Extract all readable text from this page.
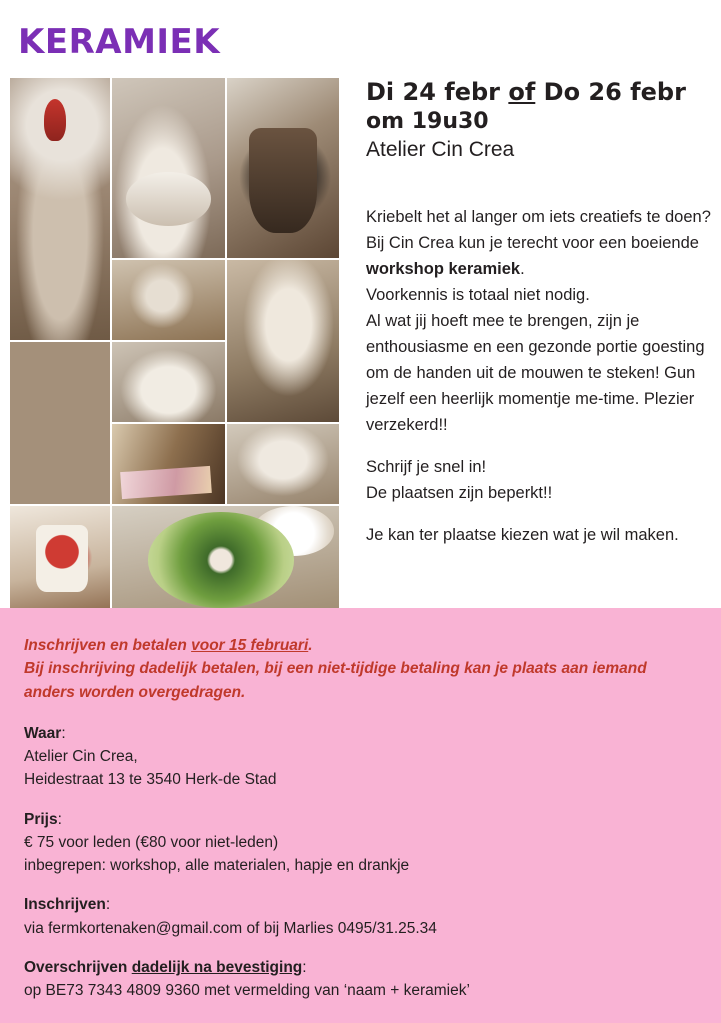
KERAMIEK
Di 24 febr of Do 26 febr
om 19u30
Atelier Cin Crea

Kriebelt het al langer om iets creatiefs te doen? Bij Cin Crea kun je terecht voor een boeiende workshop keramiek.
Voorkennis is totaal niet nodig.
Al wat jij hoeft mee te brengen, zijn je enthousiasme en een gezonde portie goesting om de handen uit de mouwen te steken! Gun jezelf een heerlijk momentje me-time. Plezier verzekerd!!

Schrijf je snel in!
De plaatsen zijn beperkt!!

Je kan ter plaatse kiezen wat je wil maken.

Inschrijven en betalen voor 15 februari.
Bij inschrijving dadelijk betalen, bij een niet-tijdige betaling kan je plaats aan iemand anders worden overgedragen.

Waar:
Atelier Cin Crea,
Heidestraat 13 te 3540 Herk-de Stad
Prijs:
€ 75 voor leden (€80 voor niet-leden)
inbegrepen: workshop, alle materialen, hapje en drankje
Inschrijven:
via fermkortenaken@gmail.com of bij Marlies 0495/31.25.34
Overschrijven dadelijk na bevestiging:
op BE73 7343 4809 9360 met vermelding van ‘naam + keramiek’
